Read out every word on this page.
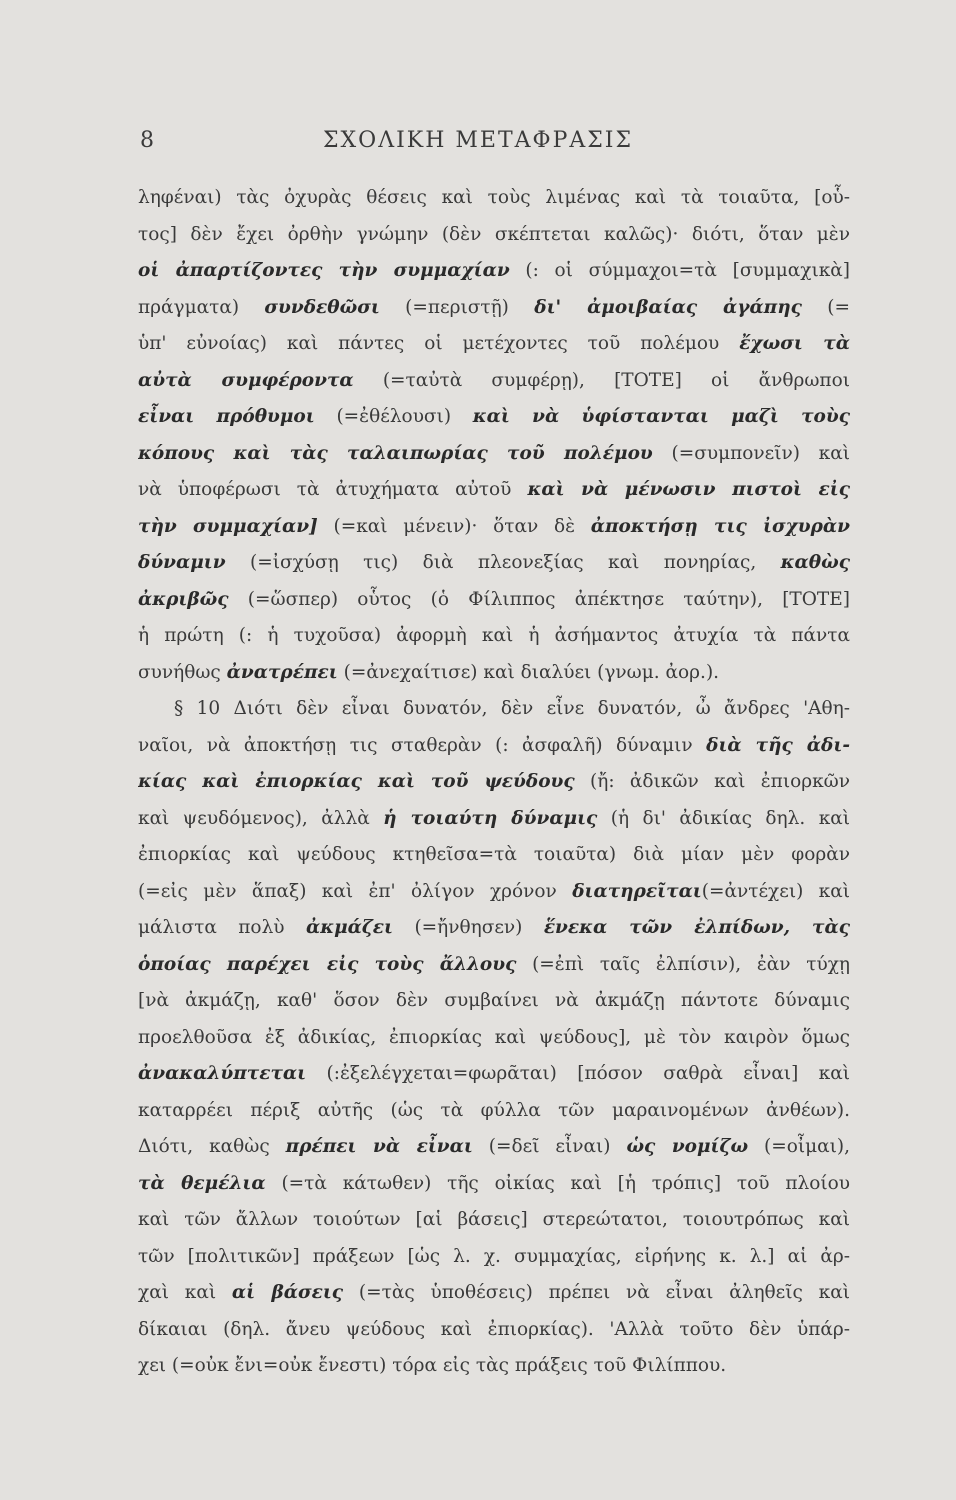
8	ΣΧΟΛΙΚΗ ΜΕΤΑΦΡΑΣΙΣ
ληφέναι) τὰς ὀχυρὰς θέσεις καὶ τοὺς λιμένας καὶ τὰ τοιαῦτα, [οὗ-
τος] δὲν ἔχει ὀρθὴν γνώμην (δὲν σκέπτεται καλῶς)· διότι, ὅταν μὲν
οἱ ἀπαρτίζοντες τὴν συμμαχίαν (: οἱ σύμμαχοι=τὰ [συμμαχικὰ]
πράγματα) συνδεθῶσι (=περιστῇ) δι' ἀμοιβαίας ἀγάπης (=
ὑπ' εὐνοίας) καὶ πάντες οἱ μετέχοντες τοῦ πολέμου ἔχωσι τὰ
αὐτὰ συμφέροντα (=ταὐτὰ συμφέρῃ), [ΤΟΤΕ] οἱ ἄνθρωποι
εἶναι πρόθυμοι (=ἐθέλουσι) καὶ νὰ ὑφίστανται μαζὶ τοὺς
κόπους καὶ τὰς ταλαιπωρίας τοῦ πολέμου (=συμπονεῖν) καὶ
νὰ ὑποφέρωσι τὰ ἀτυχήματα αὐτοῦ καὶ νὰ μένωσιν πιστοὶ εἰς
τὴν συμμαχίαν] (=καὶ μένειν)· ὅταν δὲ ἀποκτήσῃ τις ἰσχυρὰν
δύναμιν (=ἰσχύσῃ τις) διὰ πλεονεξίας καὶ πονηρίας, καθὼς
ἀκριβῶς (=ὥσπερ) οὗτος (ὁ Φίλιππος ἀπέκτησε ταύτην), [ΤΟΤΕ]
ἡ πρώτη (: ἡ τυχοῦσα) ἀφορμὴ καὶ ἡ ἀσήμαντος ἀτυχία τὰ πάντα
συνήθως ἀνατρέπει (=ἀνεχαίτισε) καὶ διαλύει (γνωμ. ἀορ.).
§ 10 Διότι δὲν εἶναι δυνατόν, δὲν εἶνε δυνατόν, ὦ ἄνδρες 'Αθη-
ναῖοι, νὰ ἀποκτήσῃ τις σταθερὰν (: ἀσφαλῆ) δύναμιν διὰ τῆς ἀδι-
κίας καὶ ἐπιορκίας καὶ τοῦ ψεύδους (ἤ: ἀδικῶν καὶ ἐπιορκῶν
καὶ ψευδόμενος), ἀλλὰ ἡ τοιαύτη δύναμις (ἡ δι' ἀδικίας δηλ. καὶ
ἐπιορκίας καὶ ψεύδους κτηθεῖσα=τὰ τοιαῦτα) διὰ μίαν μὲν φορὰν
(=εἰς μὲν ἅπαξ) καὶ ἐπ' ὀλίγον χρόνον διατηρεῖται(=ἀντέχει) καὶ
μάλιστα πολὺ ἀκμάζει (=ἤνθησεν) ἕνεκα τῶν ἐλπίδων, τὰς
ὁποίας παρέχει εἰς τοὺς ἄλλους (=ἐπὶ ταῖς ἐλπίσιν), ἐὰν τύχῃ
[νὰ ἀκμάζῃ, καθ' ὅσον δὲν συμβαίνει νὰ ἀκμάζῃ πάντοτε δύναμις
προελθοῦσα ἐξ ἀδικίας, ἐπιορκίας καὶ ψεύδους], μὲ τὸν καιρὸν ὅμως
ἀνακαλύπτεται (:ἐξελέγχεται=φωρᾶται) [πόσον σαθρὰ εἶναι] καὶ
καταρρέει πέριξ αὐτῆς (ὡς τὰ φύλλα τῶν μαραινομένων ἀνθέων).
Διότι, καθὼς πρέπει νὰ εἶναι (=δεῖ εἶναι) ὡς νομίζω (=οἶμαι),
τὰ θεμέλια (=τὰ κάτωθεν) τῆς οἰκίας καὶ [ἡ τρόπις] τοῦ πλοίου
καὶ τῶν ἄλλων τοιούτων [αἱ βάσεις] στερεώτατοι, τοιουτρόπως καὶ
τῶν [πολιτικῶν] πράξεων [ὡς λ. χ. συμμαχίας, εἰρήνης κ. λ.] αἱ ἀρ-
χαὶ καὶ αἱ βάσεις (=τὰς ὑποθέσεις) πρέπει νὰ εἶναι ἀληθεῖς καὶ
δίκαιαι (δηλ. ἄνευ ψεύδους καὶ ἐπιορκίας). 'Αλλὰ τοῦτο δὲν ὑπάρ-
χει (=οὐκ ἔνι=οὐκ ἔνεστι) τόρα εἰς τὰς πράξεις τοῦ Φιλίππου.
